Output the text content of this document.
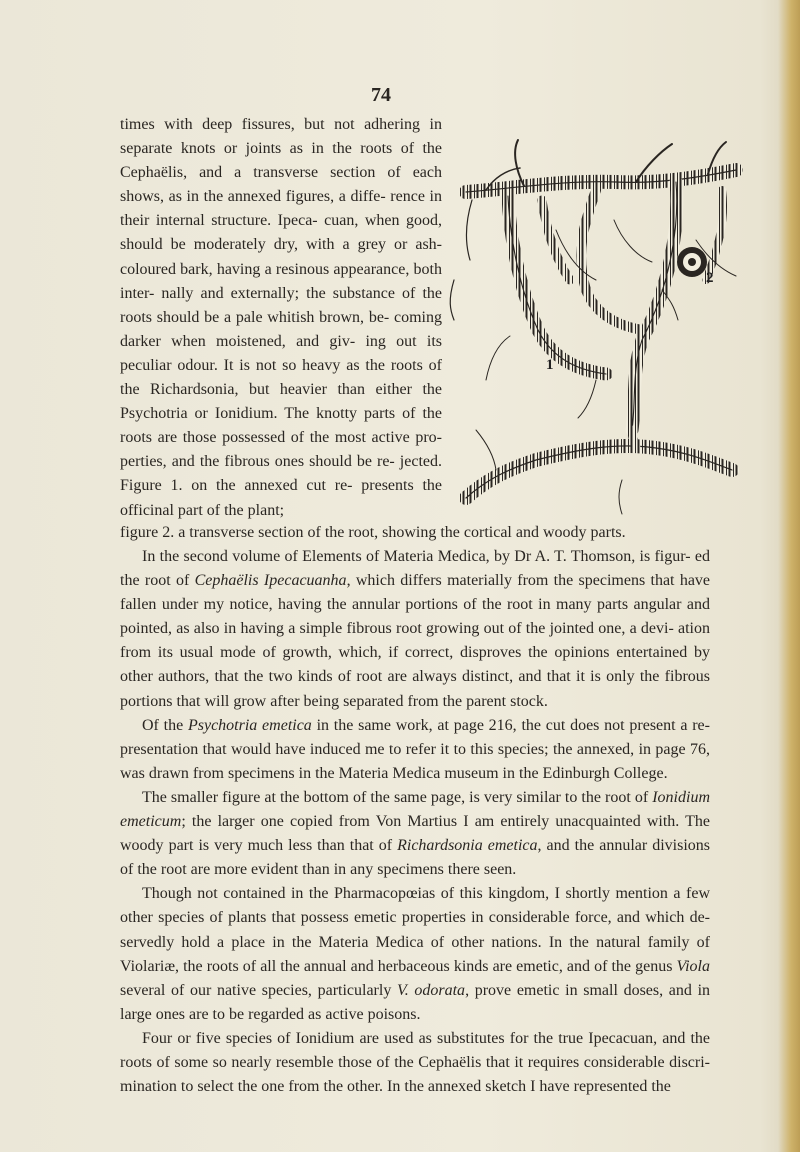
74
times with deep fissures, but not adhering in separate knots or joints as in the roots of the Cephaëlis, and a transverse section of each shows, as in the annexed figures, a diffe- rence in their internal structure. Ipeca- cuan, when good, should be moderately dry, with a grey or ash-coloured bark, having a resinous appearance, both inter- nally and externally; the substance of the roots should be a pale whitish brown, be- coming darker when moistened, and giv- ing out its peculiar odour. It is not so heavy as the roots of the Richardsonia, but heavier than either the Psychotria or Ionidium. The knotty parts of the roots are those possessed of the most active pro- perties, and the fibrous ones should be re- jected. Figure 1. on the annexed cut re- presents the officinal part of the plant;
2
1
figure 2. a transverse section of the root, showing the cortical and woody parts.

In the second volume of Elements of Materia Medica, by Dr A. T. Thomson, is figur- ed the root of Cephaëlis Ipecacuanha, which differs materially from the specimens that have fallen under my notice, having the annular portions of the root in many parts angular and pointed, as also in having a simple fibrous root growing out of the jointed one, a devi- ation from its usual mode of growth, which, if correct, disproves the opinions entertained by other authors, that the two kinds of root are always distinct, and that it is only the fibrous portions that will grow after being separated from the parent stock.

Of the Psychotria emetica in the same work, at page 216, the cut does not present a re- presentation that would have induced me to refer it to this species; the annexed, in page 76, was drawn from specimens in the Materia Medica museum in the Edinburgh College.

The smaller figure at the bottom of the same page, is very similar to the root of Ionidium emeticum; the larger one copied from Von Martius I am entirely unacquainted with. The woody part is very much less than that of Richardsonia emetica, and the annular divisions of the root are more evident than in any specimens there seen.

Though not contained in the Pharmacopœias of this kingdom, I shortly mention a few other species of plants that possess emetic properties in considerable force, and which de- servedly hold a place in the Materia Medica of other nations. In the natural family of Violariæ, the roots of all the annual and herbaceous kinds are emetic, and of the genus Viola several of our native species, particularly V. odorata, prove emetic in small doses, and in large ones are to be regarded as active poisons.

Four or five species of Ionidium are used as substitutes for the true Ipecacuan, and the roots of some so nearly resemble those of the Cephaëlis that it requires considerable discri- mination to select the one from the other. In the annexed sketch I have represented the
